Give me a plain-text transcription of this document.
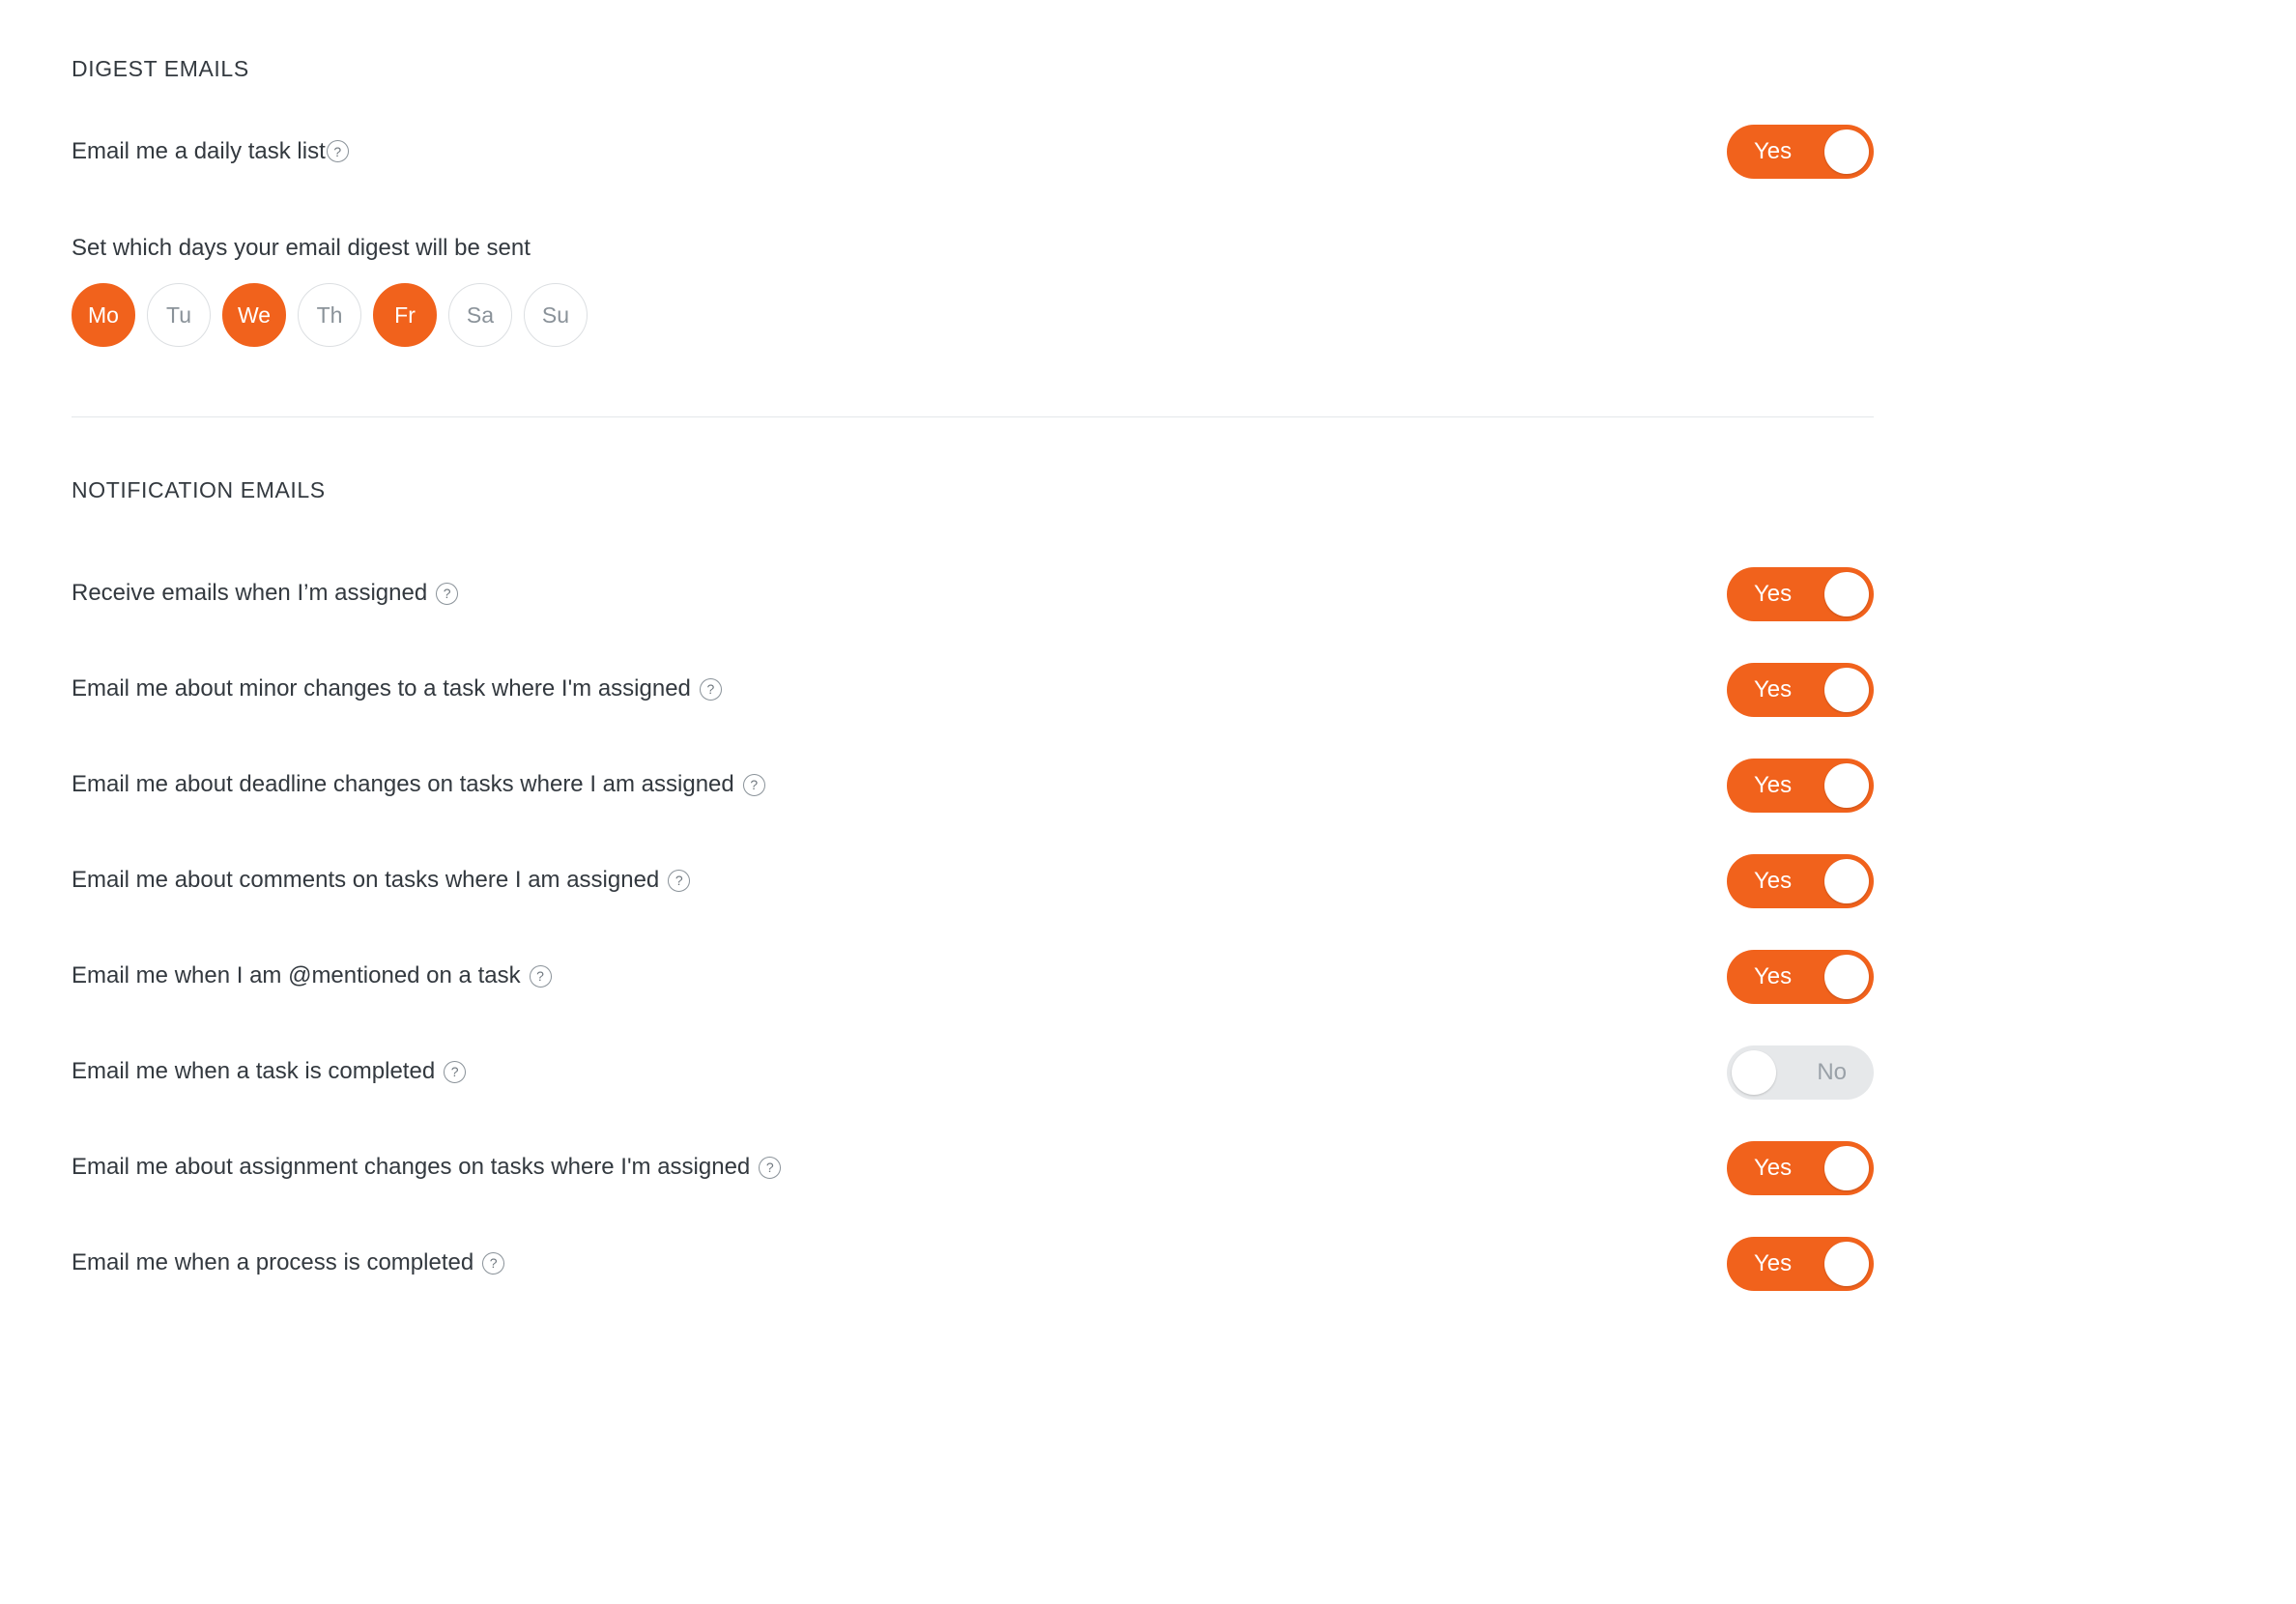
DIGEST EMAILS
Email me a daily task list ?	Yes
Set which days your email digest will be sent
Mo	Tu	We	Th	Fr	Sa	Su
NOTIFICATION EMAILS
Receive emails when I’m assigned	?	Yes
Email me about minor changes to a task where I'm assigned	?	Yes
Email me about deadline changes on tasks where I am assigned	?	Yes
Email me about comments on tasks where I am assigned	?	Yes
Email me when I am @mentioned on a task	?	Yes
Email me when a task is completed	?	No
Email me about assignment changes on tasks where I'm assigned	?	Yes
Email me when a process is completed	?	Yes
